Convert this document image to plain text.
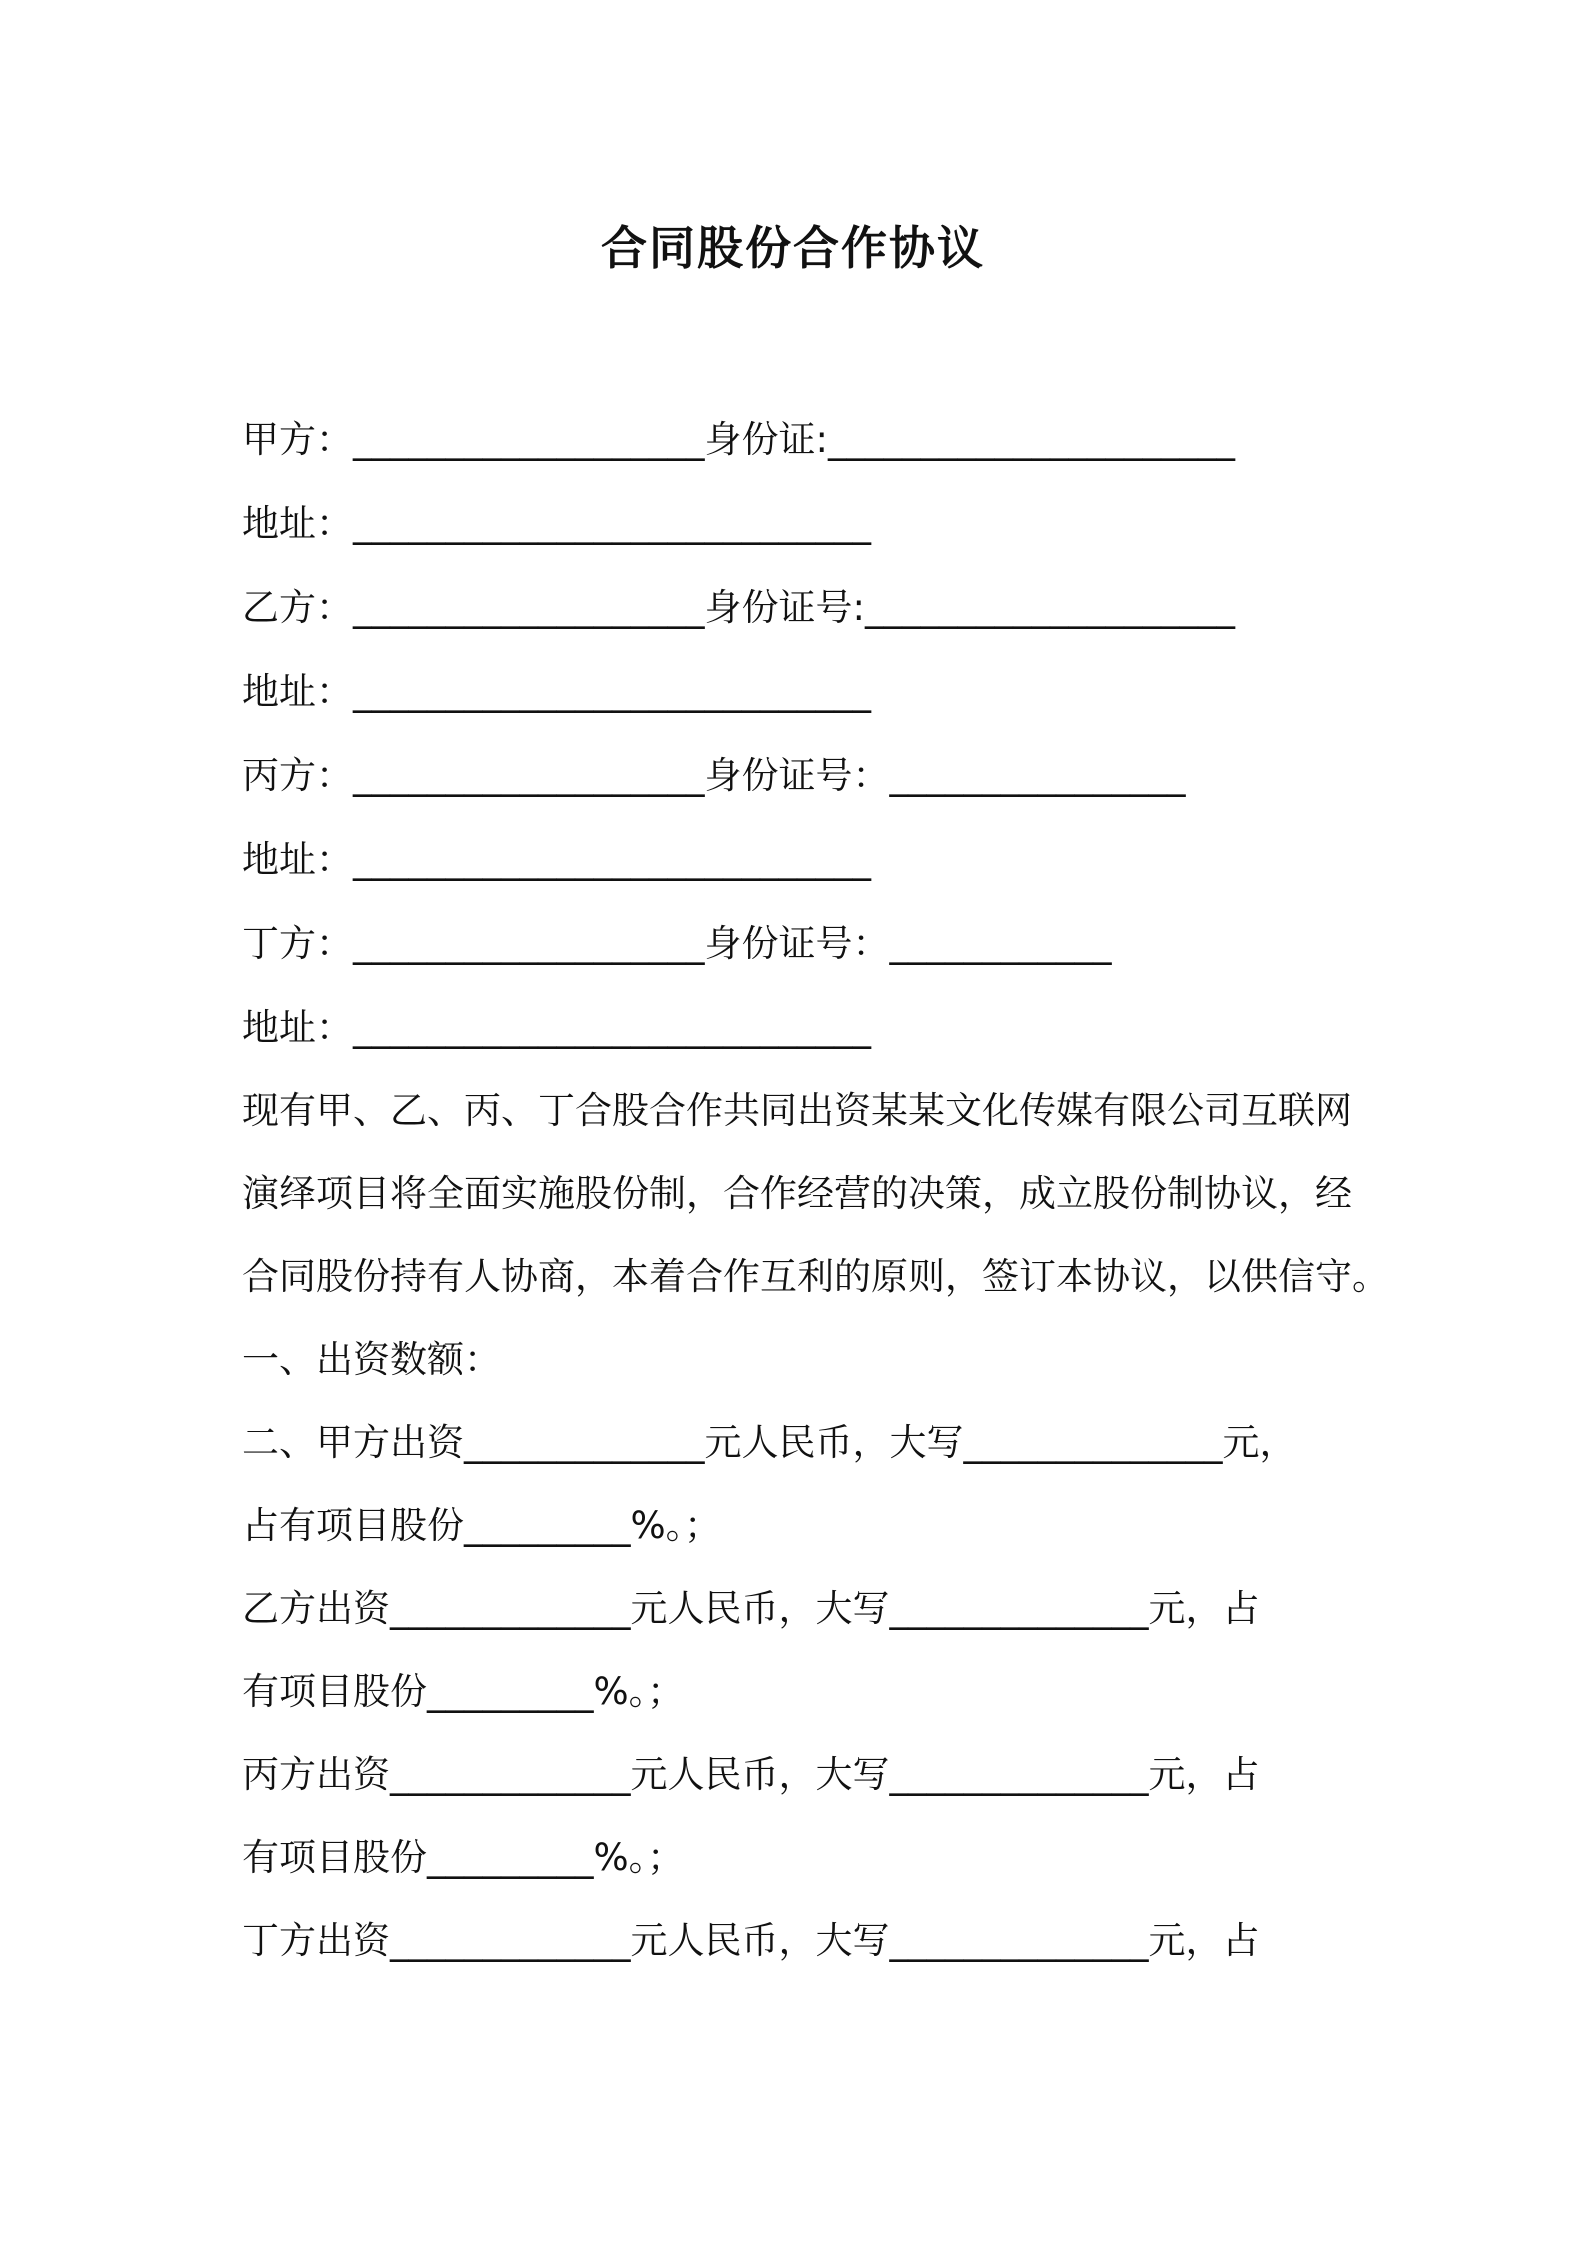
合同股份合作协议
甲方：___________________身份证:______________________
地址：____________________________
乙方：___________________身份证号:____________________
地址：____________________________
丙方：___________________身份证号：________________
地址：____________________________
丁方：___________________身份证号：____________
地址：____________________________
现有甲、乙、丙、丁合股合作共同出资某某文化传媒有限公司互联网
演绎项目将全面实施股份制，合作经营的决策，成立股份制协议，经
合同股份持有人协商，本着合作互利的原则，签订本协议，以供信守。
一、出资数额：
二、甲方出资_____________元人民币，大写______________元，
占有项目股份_________%。；
乙方出资_____________元人民币，大写______________元，占
有项目股份_________%。；
丙方出资_____________元人民币，大写______________元，占
有项目股份_________%。；
丁方出资_____________元人民币，大写______________元，占
